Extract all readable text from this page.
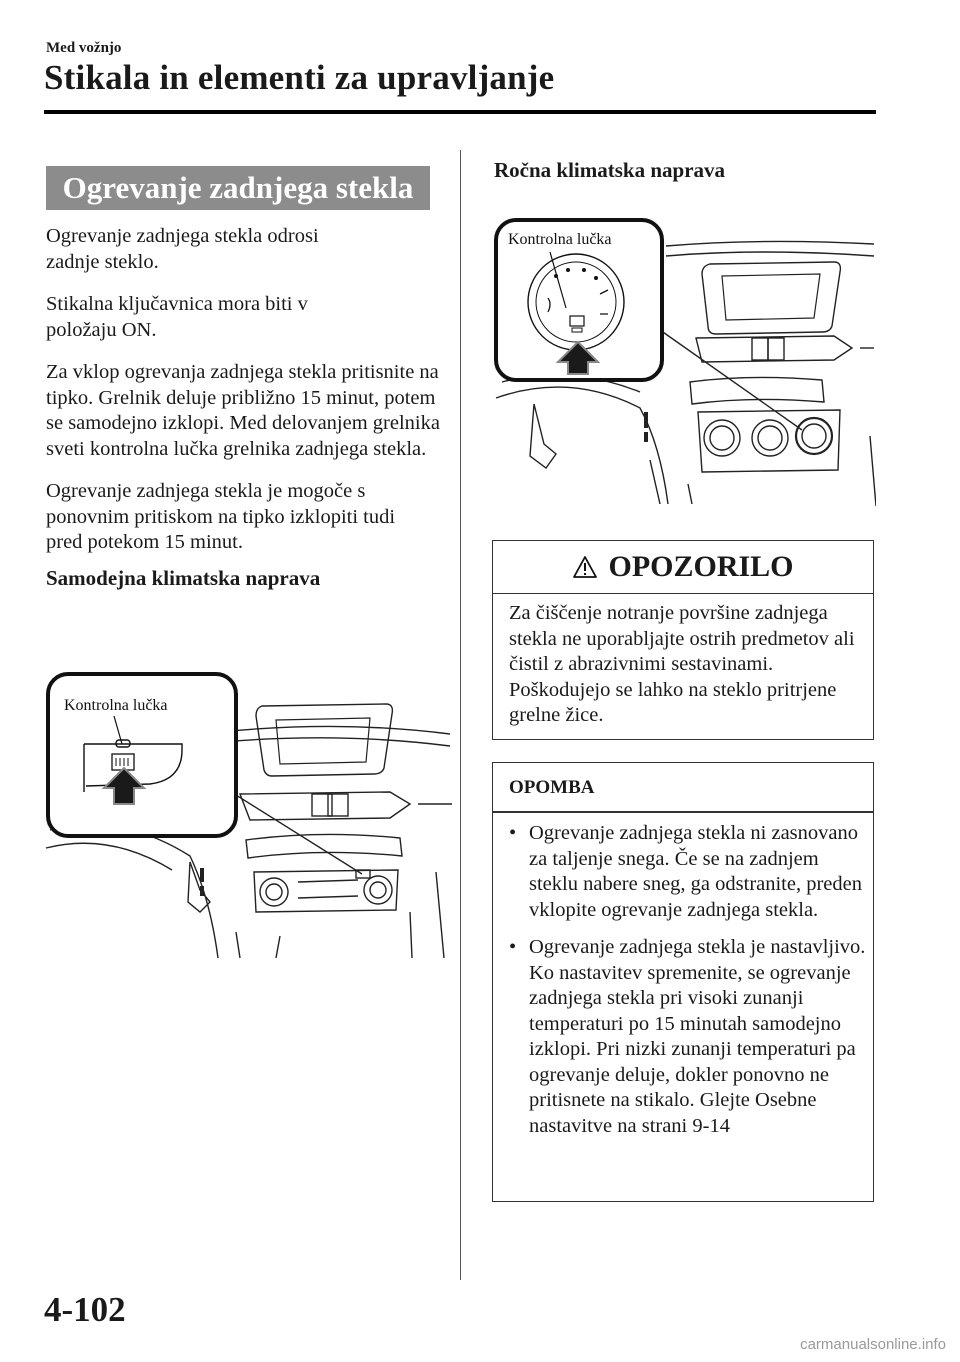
Med vožnjo
Stikala in elementi za upravljanje
Ogrevanje zadnjega stekla

Ogrevanje zadnjega stekla odrosi zadnje steklo.

Stikalna ključavnica mora biti v položaju ON.

Za vklop ogrevanja zadnjega stekla pritisnite na tipko. Grelnik deluje približno 15 minut, potem se samodejno izklopi. Med delovanjem grelnika sveti kontrolna lučka grelnika zadnjega stekla.

Ogrevanje zadnjega stekla je mogoče s ponovnim pritiskom na tipko izklopiti tudi pred potekom 15 minut.

Samodejna klimatska naprava

Kontrolna lučka
Ročna klimatska naprava
Kontrolna lučka
OPOZORILO
Za čiščenje notranje površine zadnjega stekla ne uporabljajte ostrih predmetov ali čistil z abrazivnimi sestavinami. Poškodujejo se lahko na steklo pritrjene grelne žice.
OPOMBA
• Ogrevanje zadnjega stekla ni zasnovano za taljenje snega. Če se na zadnjem steklu nabere sneg, ga odstranite, preden vklopite ogrevanje zadnjega stekla.
• Ogrevanje zadnjega stekla je nastavljivo. Ko nastavitev spremenite, se ogrevanje zadnjega stekla pri visoki zunanji temperaturi po 15 minutah samodejno izklopi. Pri nizki zunanji temperaturi pa ogrevanje deluje, dokler ponovno ne pritisnete na stikalo. Glejte Osebne nastavitve na strani 9-14
4-102
carmanualsonline.info
